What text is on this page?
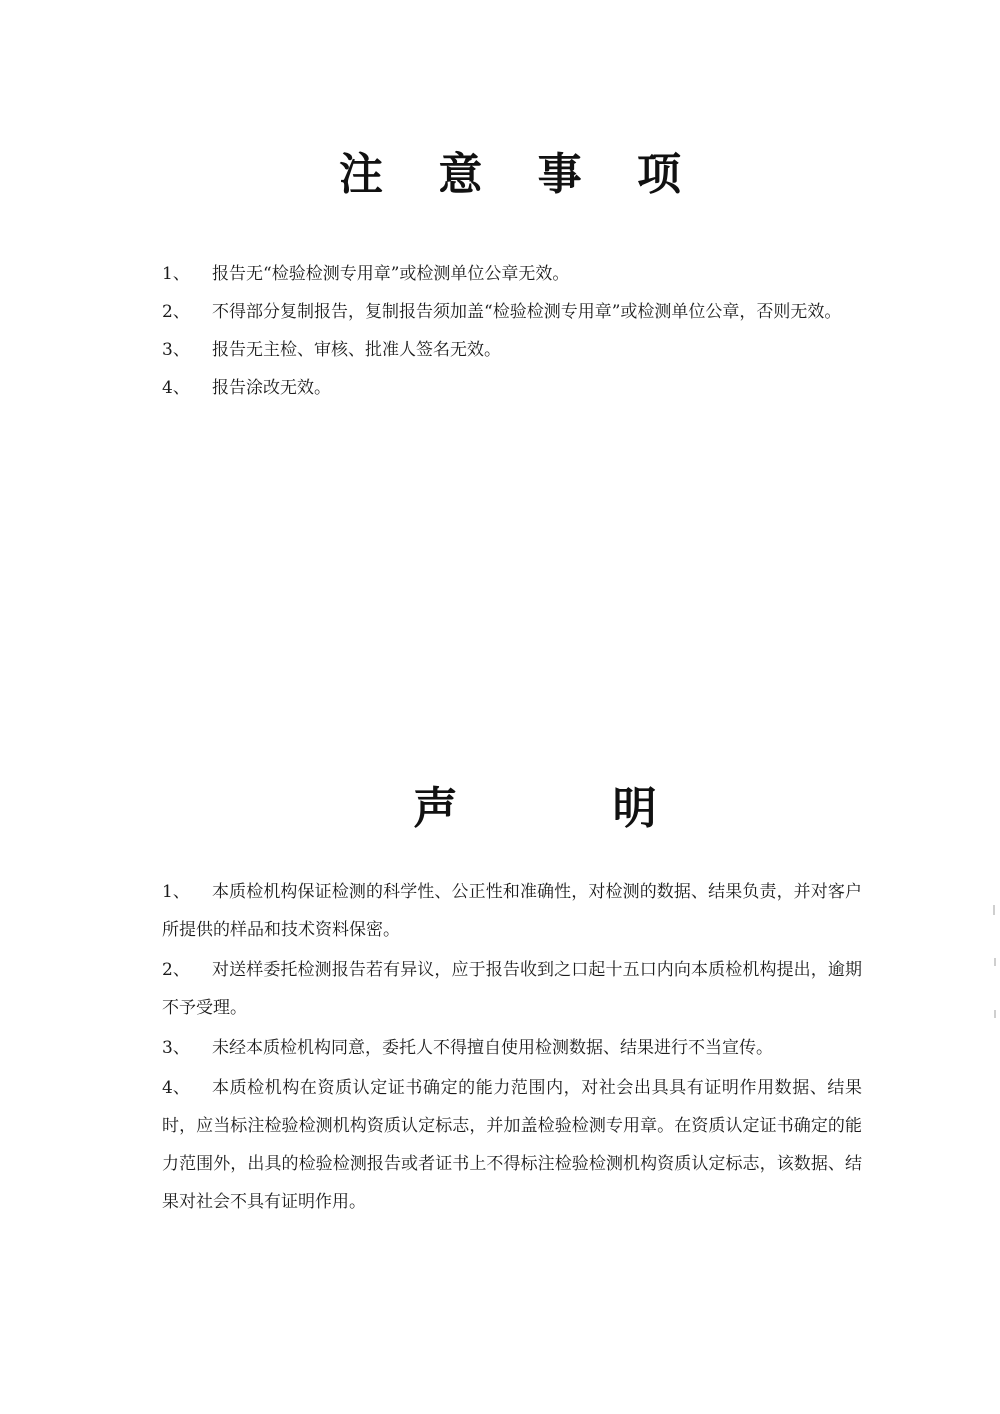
注 意 事 项
1、	报告无“检验检测专用章”或检测单位公章无效。
2、	不得部分复制报告，复制报告须加盖“检验检测专用章”或检测单位公章，否则无效。
3、	报告无主检、审核、批准人签名无效。
4、	报告涂改无效。
声 明
1、	本质检机构保证检测的科学性、公正性和准确性，对检测的数据、结果负责，并对客户所提供的样品和技术资料保密。
2、	对送样委托检测报告若有异议，应于报告收到之口起十五口内向本质检机构提出，逾期不予受理。
3、	未经本质检机构同意，委托人不得擅自使用检测数据、结果进行不当宣传。
4、	本质检机构在资质认定证书确定的能力范围内，对社会出具具有证明作用数据、结果时，应当标注检验检测机构资质认定标志，并加盖检验检测专用章。在资质认定证书确定的能力范围外，出具的检验检测报告或者证书上不得标注检验检测机构资质认定标志，该数据、结果对社会不具有证明作用。
